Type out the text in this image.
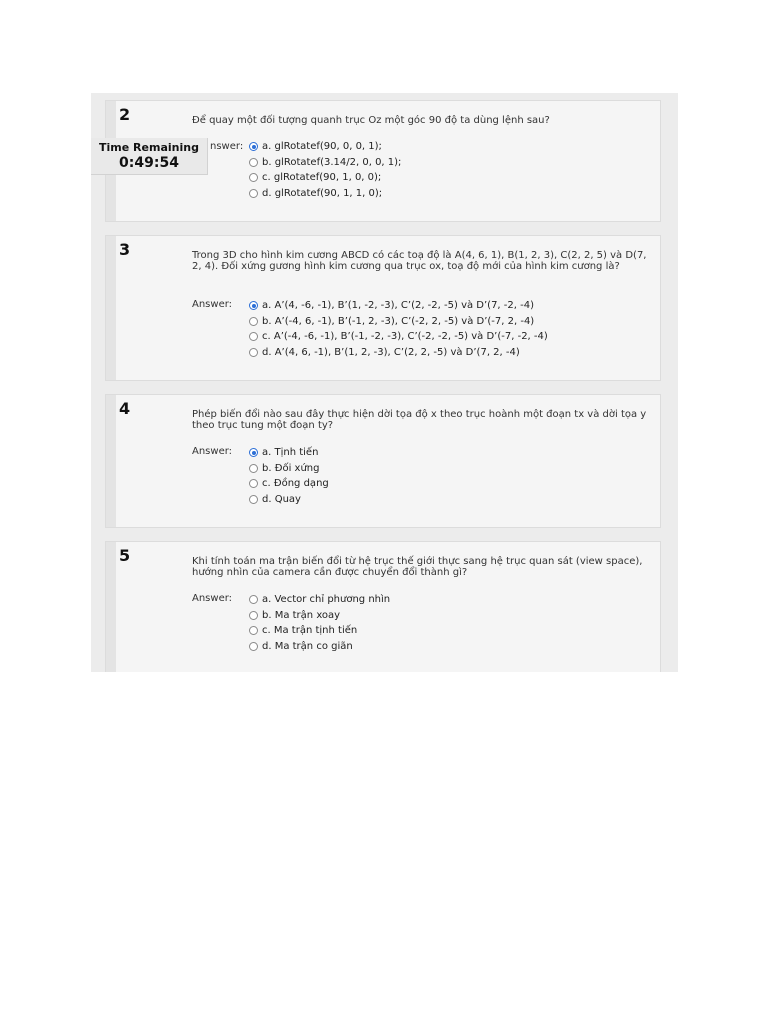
2	Để quay một đối tượng quanh trục Oz một góc 90 độ ta dùng lệnh sau?
nswer: a. glRotatef(90, 0, 0, 1);
b. glRotatef(3.14/2, 0, 0, 1);
c. glRotatef(90, 1, 0, 0);
d. glRotatef(90, 1, 1, 0);
3	Trong 3D cho hình kim cương ABCD có các toạ độ là A(4, 6, 1), B(1, 2, 3), C(2, 2, 5) và D(7, 2, 4). Đối xứng gương hình kim cương qua trục ox, toạ độ mới của hình kim cương là?
Answer:	a. A’(4, -6, -1), B’(1, -2, -3), C’(2, -2, -5) và D’(7, -2, -4)
b. A’(-4, 6, -1), B’(-1, 2, -3), C’(-2, 2, -5) và D’(-7, 2, -4)
c. A’(-4, -6, -1), B’(-1, -2, -3), C’(-2, -2, -5) và D’(-7, -2, -4)
d. A’(4, 6, -1), B’(1, 2, -3), C’(2, 2, -5) và D’(7, 2, -4)
4	Phép biến đổi nào sau đây thực hiện dời tọa độ x theo trục hoành một đoạn tx và dời tọa y theo trục tung một đoạn ty?
Answer:	a. Tịnh tiến
b. Đối xứng
c. Đồng dạng
d. Quay
5	Khi tính toán ma trận biến đổi từ hệ trục thế giới thực sang hệ trục quan sát (view space), hướng nhìn của camera cần được chuyển đổi thành gì?
Answer:	a. Vector chỉ phương nhìn
b. Ma trận xoay
c. Ma trận tịnh tiến
d. Ma trận co giãn
Time Remaining
0:49:54
